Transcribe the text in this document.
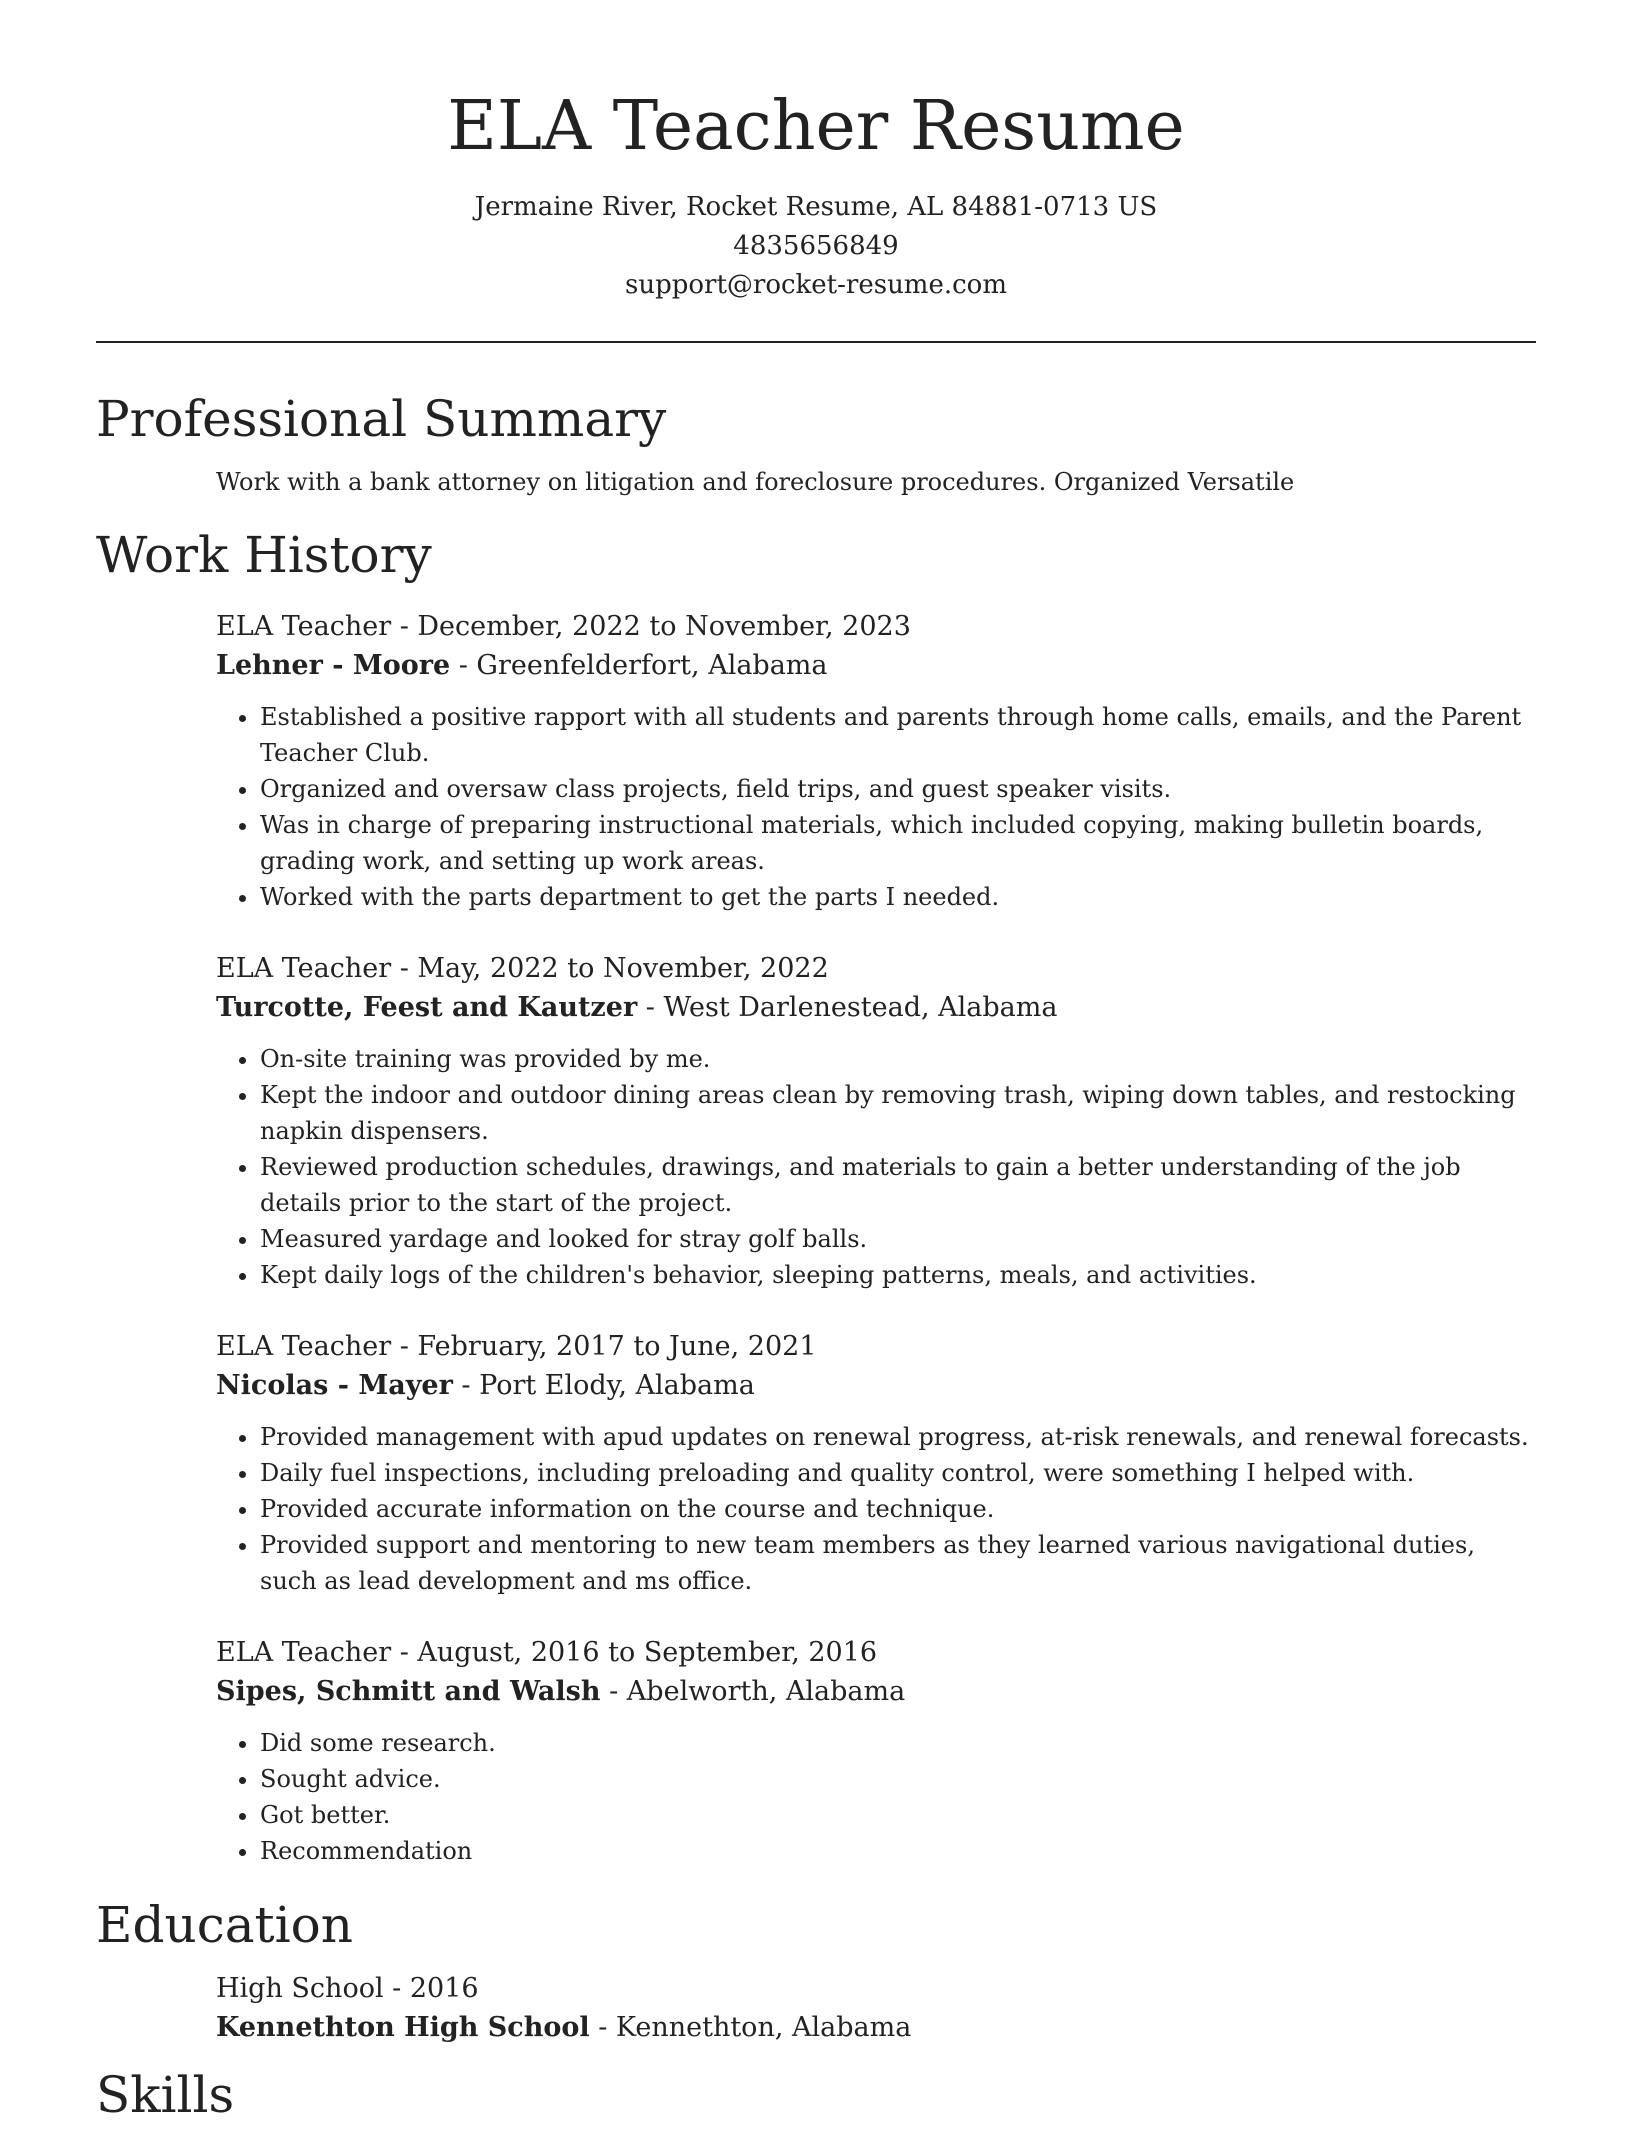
ELA Teacher Resume
Jermaine River, Rocket Resume, AL 84881-0713 US
4835656849
support@rocket-resume.com
Professional Summary
Work with a bank attorney on litigation and foreclosure procedures. Organized Versatile
Work History
ELA Teacher - December, 2022 to November, 2023
Lehner - Moore - Greenfelderfort, Alabama
• Established a positive rapport with all students and parents through home calls, emails, and the Parent Teacher Club.
• Organized and oversaw class projects, field trips, and guest speaker visits.
• Was in charge of preparing instructional materials, which included copying, making bulletin boards, grading work, and setting up work areas.
• Worked with the parts department to get the parts I needed.
ELA Teacher - May, 2022 to November, 2022
Turcotte, Feest and Kautzer - West Darlenestead, Alabama
• On-site training was provided by me.
• Kept the indoor and outdoor dining areas clean by removing trash, wiping down tables, and restocking napkin dispensers.
• Reviewed production schedules, drawings, and materials to gain a better understanding of the job details prior to the start of the project.
• Measured yardage and looked for stray golf balls.
• Kept daily logs of the children's behavior, sleeping patterns, meals, and activities.
ELA Teacher - February, 2017 to June, 2021
Nicolas - Mayer - Port Elody, Alabama
• Provided management with apud updates on renewal progress, at-risk renewals, and renewal forecasts.
• Daily fuel inspections, including preloading and quality control, were something I helped with.
• Provided accurate information on the course and technique.
• Provided support and mentoring to new team members as they learned various navigational duties, such as lead development and ms office.
ELA Teacher - August, 2016 to September, 2016
Sipes, Schmitt and Walsh - Abelworth, Alabama
• Did some research.
• Sought advice.
• Got better.
• Recommendation
Education
High School - 2016
Kennethton High School - Kennethton, Alabama
Skills
